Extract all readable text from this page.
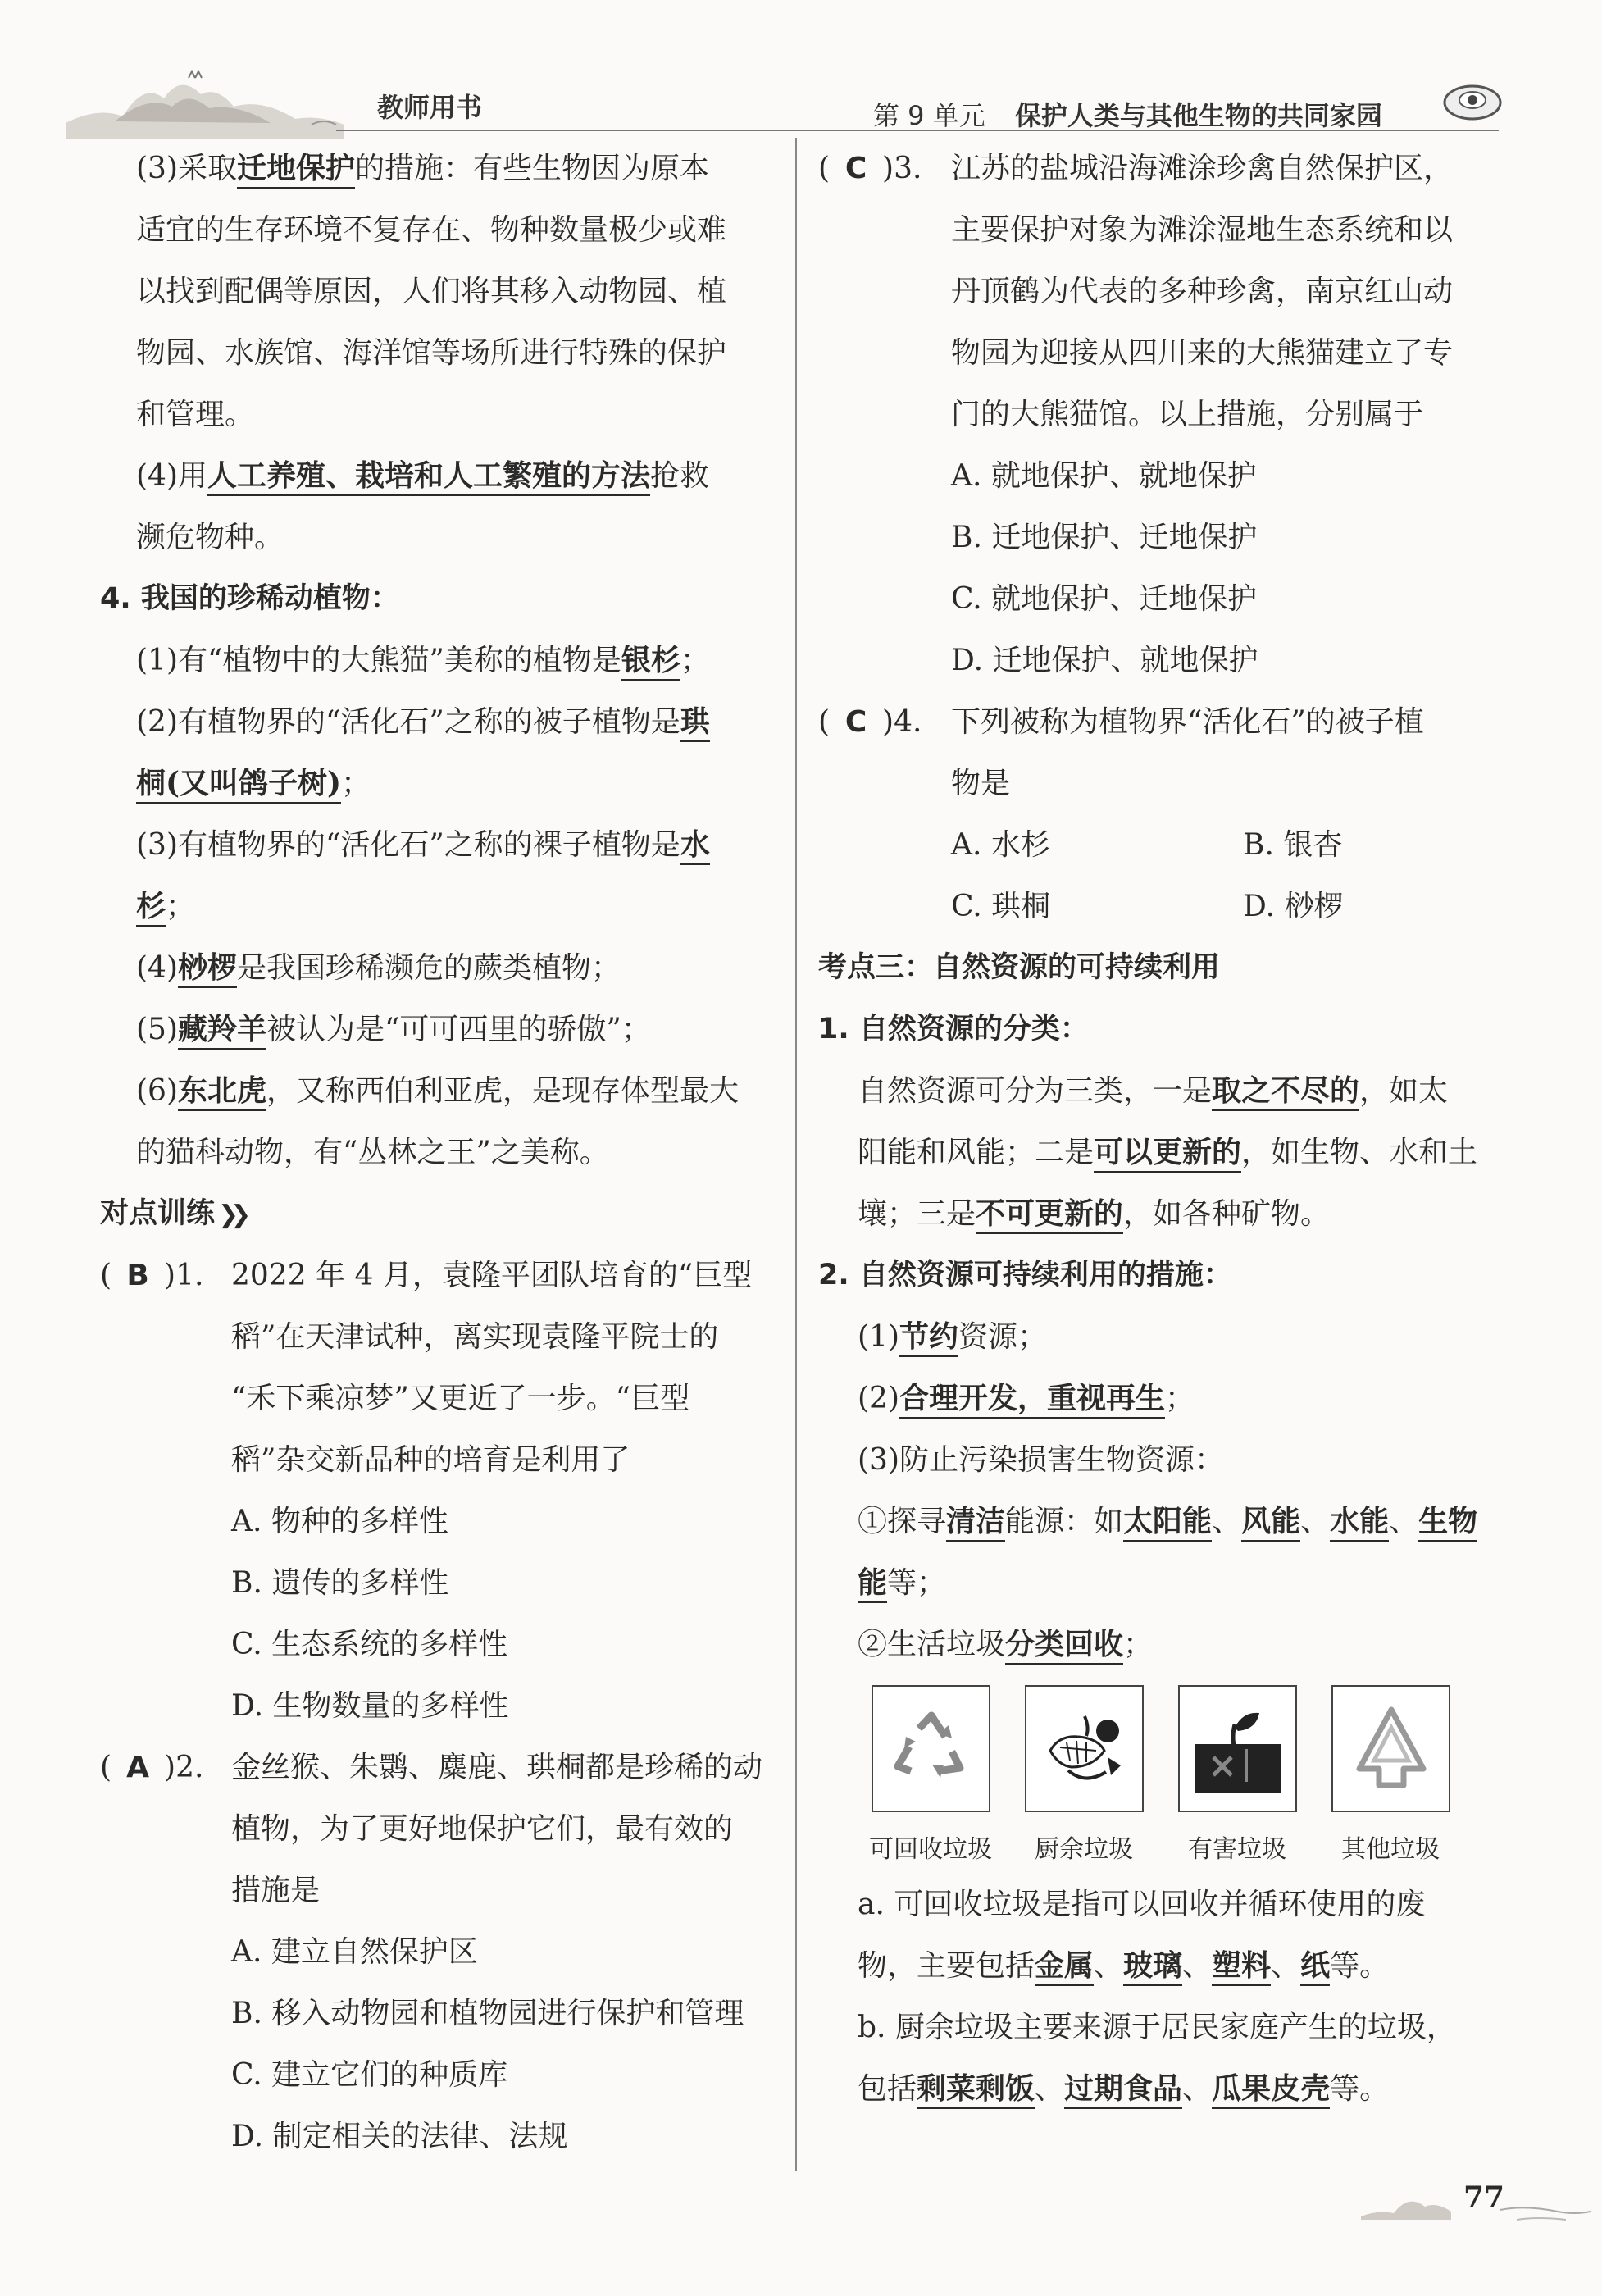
教师用书	第 9 单元 保护人类与其他生物的共同家园
(3)采取迁地保护的措施：有些生物因为原本
适宜的生存环境不复存在、物种数量极少或难
以找到配偶等原因，人们将其移入动物园、植
物园、水族馆、海洋馆等场所进行特殊的保护
和管理。
(4)用人工养殖、栽培和人工繁殖的方法抢救
濒危物种。
4. 我国的珍稀动植物：
(1)有“植物中的大熊猫”美称的植物是银杉；
(2)有植物界的“活化石”之称的被子植物是珙
桐(又叫鸽子树)；
(3)有植物界的“活化石”之称的裸子植物是水
杉；
(4)桫椤是我国珍稀濒危的蕨类植物；
(5)藏羚羊被认为是“可可西里的骄傲”；
(6)东北虎，又称西伯利亚虎，是现存体型最大
的猫科动物，有“丛林之王”之美称。
对点训练 ❯❯
( B )1. 2022 年 4 月，袁隆平团队培育的“巨型
稻”在天津试种，离实现袁隆平院士的
“禾下乘凉梦”又更近了一步。“巨型
稻”杂交新品种的培育是利用了
A. 物种的多样性
B. 遗传的多样性
C. 生态系统的多样性
D. 生物数量的多样性
( A )2. 金丝猴、朱鹮、麋鹿、珙桐都是珍稀的动
植物，为了更好地保护它们，最有效的
措施是
A. 建立自然保护区
B. 移入动物园和植物园进行保护和管理
C. 建立它们的种质库
D. 制定相关的法律、法规
( C )3. 江苏的盐城沿海滩涂珍禽自然保护区，
主要保护对象为滩涂湿地生态系统和以
丹顶鹤为代表的多种珍禽，南京红山动
物园为迎接从四川来的大熊猫建立了专
门的大熊猫馆。以上措施，分别属于
A. 就地保护、就地保护
B. 迁地保护、迁地保护
C. 就地保护、迁地保护
D. 迁地保护、就地保护
( C )4. 下列被称为植物界“活化石”的被子植
物是
A. 水杉	B. 银杏
C. 珙桐	D. 桫椤
考点三：自然资源的可持续利用
1. 自然资源的分类：
自然资源可分为三类，一是取之不尽的，如太
阳能和风能；二是可以更新的，如生物、水和土
壤；三是不可更新的，如各种矿物。
2. 自然资源可持续利用的措施：
(1)节约资源；
(2)合理开发，重视再生；
(3)防止污染损害生物资源：
①探寻清洁能源：如太阳能、风能、水能、生物
能等；
②生活垃圾分类回收；
可回收垃圾	厨余垃圾	有害垃圾	其他垃圾
a. 可回收垃圾是指可以回收并循环使用的废
物，主要包括金属、玻璃、塑料、纸等。
b. 厨余垃圾主要来源于居民家庭产生的垃圾，
包括剩菜剩饭、过期食品、瓜果皮壳等。
77
